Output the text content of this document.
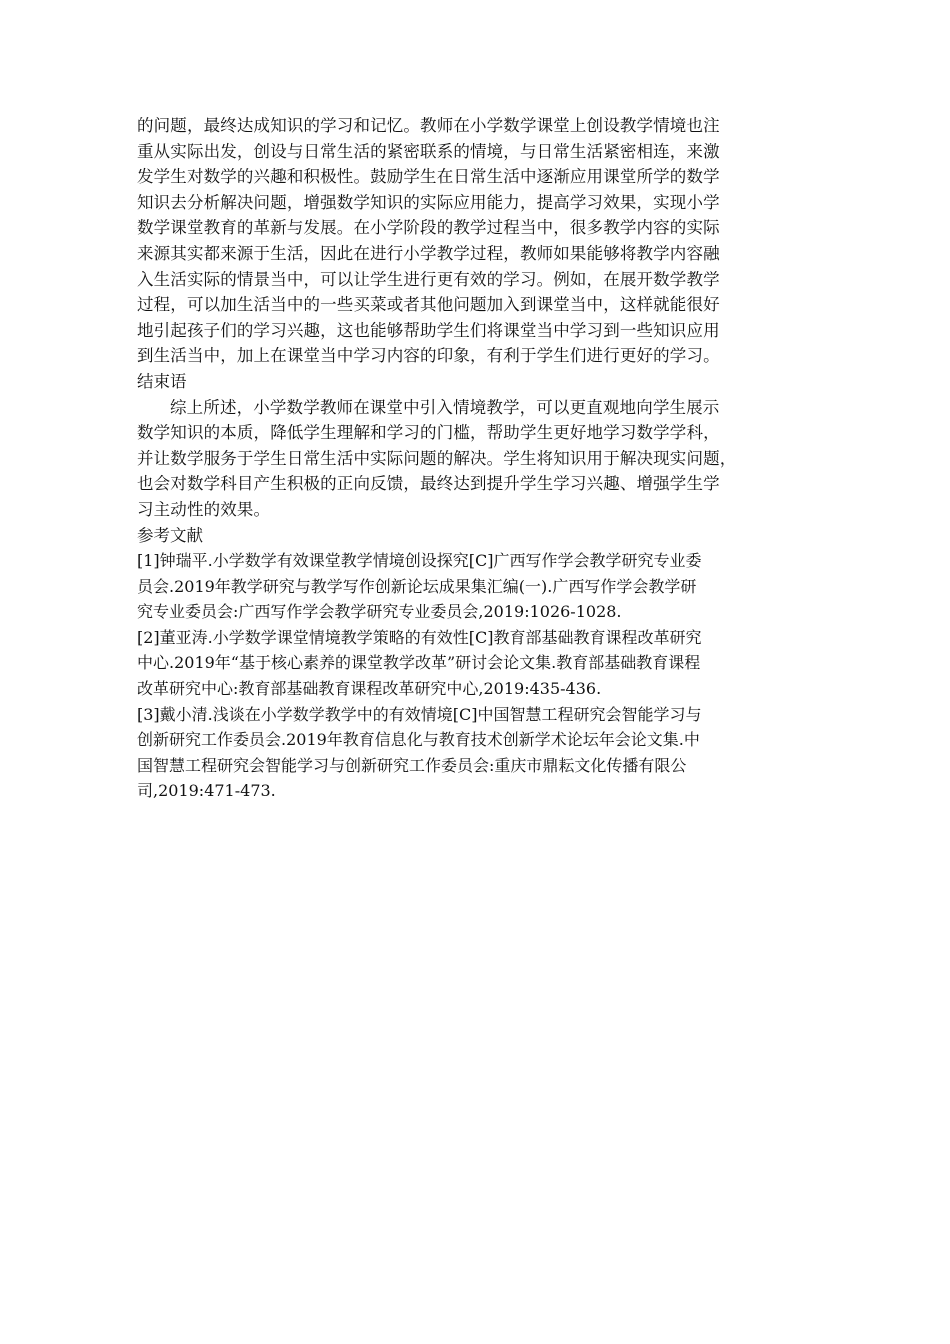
的问题，最终达成知识的学习和记忆。教师在小学数学课堂上创设教学情境也注
重从实际出发，创设与日常生活的紧密联系的情境，与日常生活紧密相连，来激
发学生对数学的兴趣和积极性。鼓励学生在日常生活中逐渐应用课堂所学的数学
知识去分析解决问题，增强数学知识的实际应用能力，提高学习效果，实现小学
数学课堂教育的革新与发展。在小学阶段的教学过程当中，很多教学内容的实际
来源其实都来源于生活，因此在进行小学教学过程，教师如果能够将教学内容融
入生活实际的情景当中，可以让学生进行更有效的学习。例如，在展开数学教学
过程，可以加生活当中的一些买菜或者其他问题加入到课堂当中，这样就能很好
地引起孩子们的学习兴趣，这也能够帮助学生们将课堂当中学习到一些知识应用
到生活当中，加上在课堂当中学习内容的印象，有利于学生们进行更好的学习。
结束语
综上所述，小学数学教师在课堂中引入情境教学，可以更直观地向学生展示
数学知识的本质，降低学生理解和学习的门槛，帮助学生更好地学习数学学科，
并让数学服务于学生日常生活中实际问题的解决。学生将知识用于解决现实问题，
也会对数学科目产生积极的正向反馈，最终达到提升学生学习兴趣、增强学生学
习主动性的效果。
参考文献
[1]钟瑞平.小学数学有效课堂教学情境创设探究[C]广西写作学会教学研究专业委
员会.2019年教学研究与教学写作创新论坛成果集汇编(一).广西写作学会教学研
究专业委员会:广西写作学会教学研究专业委员会,2019:1026-1028.
[2]董亚涛.小学数学课堂情境教学策略的有效性[C]教育部基础教育课程改革研究
中心.2019年“基于核心素养的课堂教学改革”研讨会论文集.教育部基础教育课程
改革研究中心:教育部基础教育课程改革研究中心,2019:435-436.
[3]戴小清.浅谈在小学数学教学中的有效情境[C]中国智慧工程研究会智能学习与
创新研究工作委员会.2019年教育信息化与教育技术创新学术论坛年会论文集.中
国智慧工程研究会智能学习与创新研究工作委员会:重庆市鼎耘文化传播有限公
司,2019:471-473.
